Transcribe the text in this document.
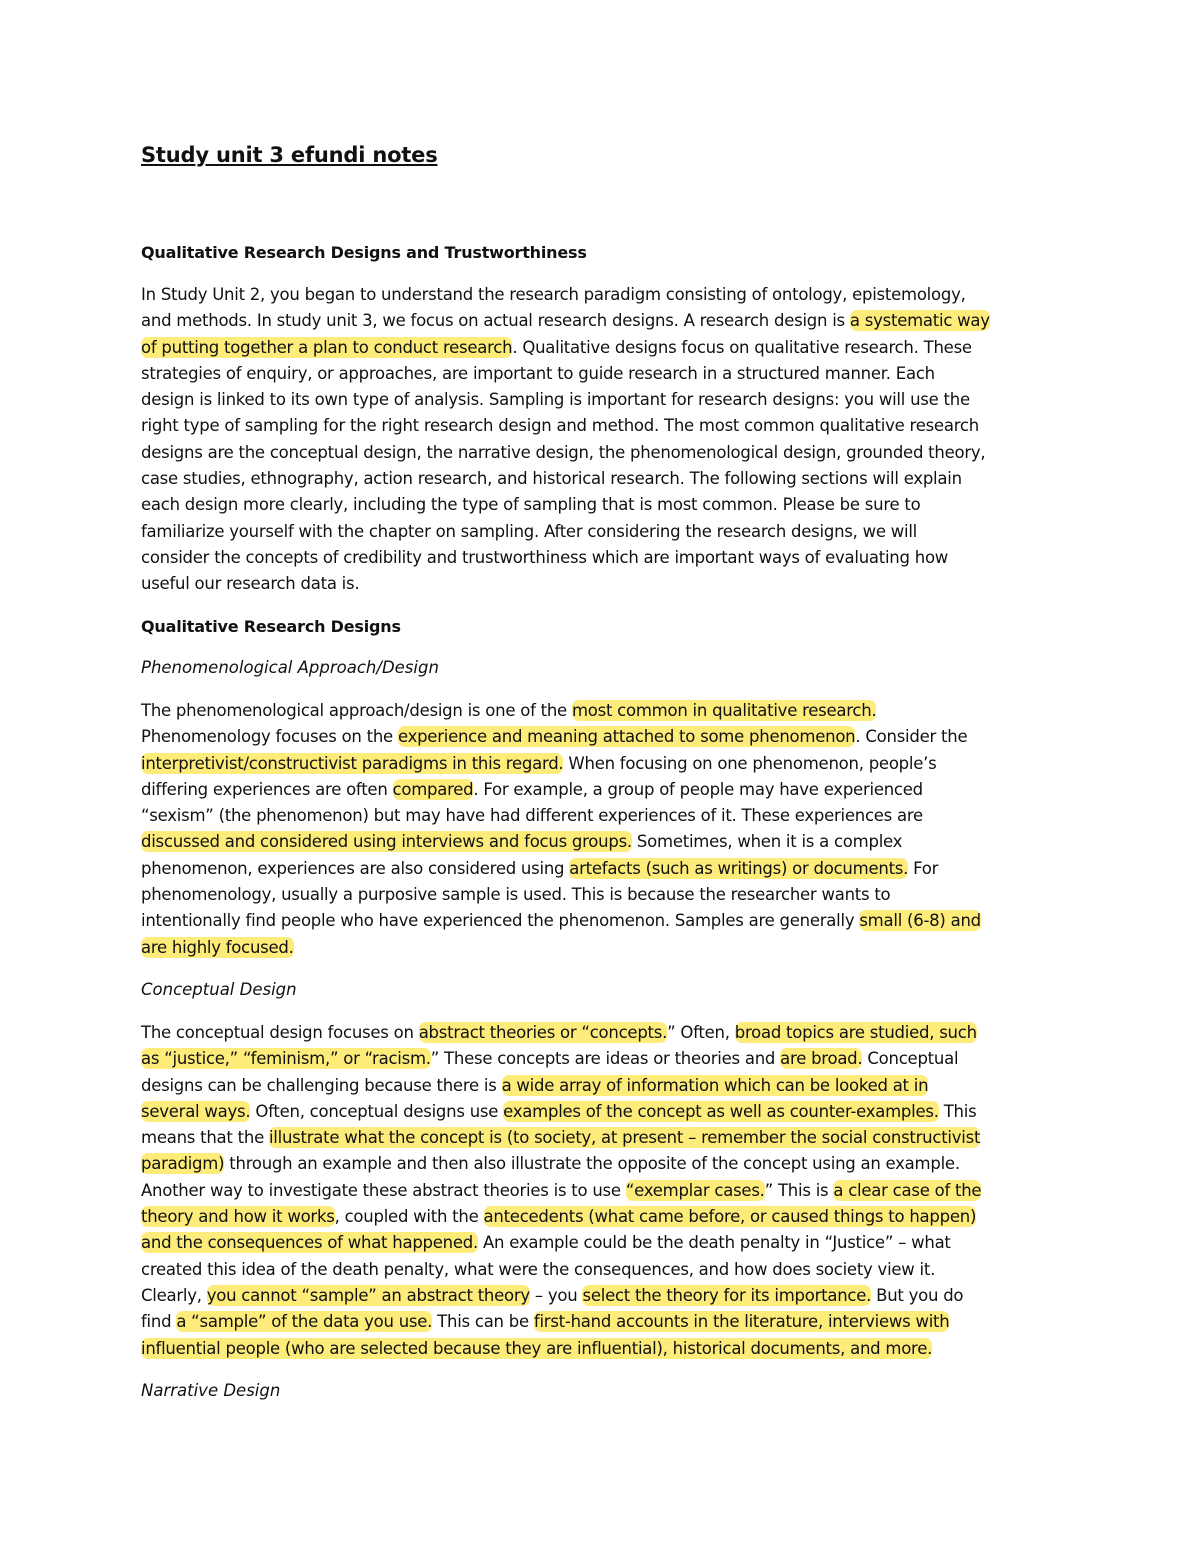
Study unit 3 efundi notes
Qualitative Research Designs and Trustworthiness
In Study Unit 2, you began to understand the research paradigm consisting of ontology, epistemology,
and methods. In study unit 3, we focus on actual research designs. A research design is a systematic way
of putting together a plan to conduct research. Qualitative designs focus on qualitative research. These
strategies of enquiry, or approaches, are important to guide research in a structured manner. Each
design is linked to its own type of analysis. Sampling is important for research designs: you will use the
right type of sampling for the right research design and method. The most common qualitative research
designs are the conceptual design, the narrative design, the phenomenological design, grounded theory,
case studies, ethnography, action research, and historical research. The following sections will explain
each design more clearly, including the type of sampling that is most common. Please be sure to
familiarize yourself with the chapter on sampling. After considering the research designs, we will
consider the concepts of credibility and trustworthiness which are important ways of evaluating how
useful our research data is.
Qualitative Research Designs
Phenomenological Approach/Design
The phenomenological approach/design is one of the most common in qualitative research.
Phenomenology focuses on the experience and meaning attached to some phenomenon. Consider the
interpretivist/constructivist paradigms in this regard. When focusing on one phenomenon, people’s
differing experiences are often compared. For example, a group of people may have experienced
“sexism” (the phenomenon) but may have had different experiences of it. These experiences are
discussed and considered using interviews and focus groups. Sometimes, when it is a complex
phenomenon, experiences are also considered using artefacts (such as writings) or documents. For
phenomenology, usually a purposive sample is used. This is because the researcher wants to
intentionally find people who have experienced the phenomenon. Samples are generally small (6-8) and
are highly focused.
Conceptual Design
The conceptual design focuses on abstract theories or “concepts.” Often, broad topics are studied, such
as “justice,” “feminism,” or “racism.” These concepts are ideas or theories and are broad. Conceptual
designs can be challenging because there is a wide array of information which can be looked at in
several ways. Often, conceptual designs use examples of the concept as well as counter-examples. This
means that the illustrate what the concept is (to society, at present – remember the social constructivist
paradigm) through an example and then also illustrate the opposite of the concept using an example.
Another way to investigate these abstract theories is to use “exemplar cases.” This is a clear case of the
theory and how it works, coupled with the antecedents (what came before, or caused things to happen)
and the consequences of what happened. An example could be the death penalty in “Justice” – what
created this idea of the death penalty, what were the consequences, and how does society view it.
Clearly, you cannot “sample” an abstract theory – you select the theory for its importance. But you do
find a “sample” of the data you use. This can be first-hand accounts in the literature, interviews with
influential people (who are selected because they are influential), historical documents, and more.
Narrative Design
